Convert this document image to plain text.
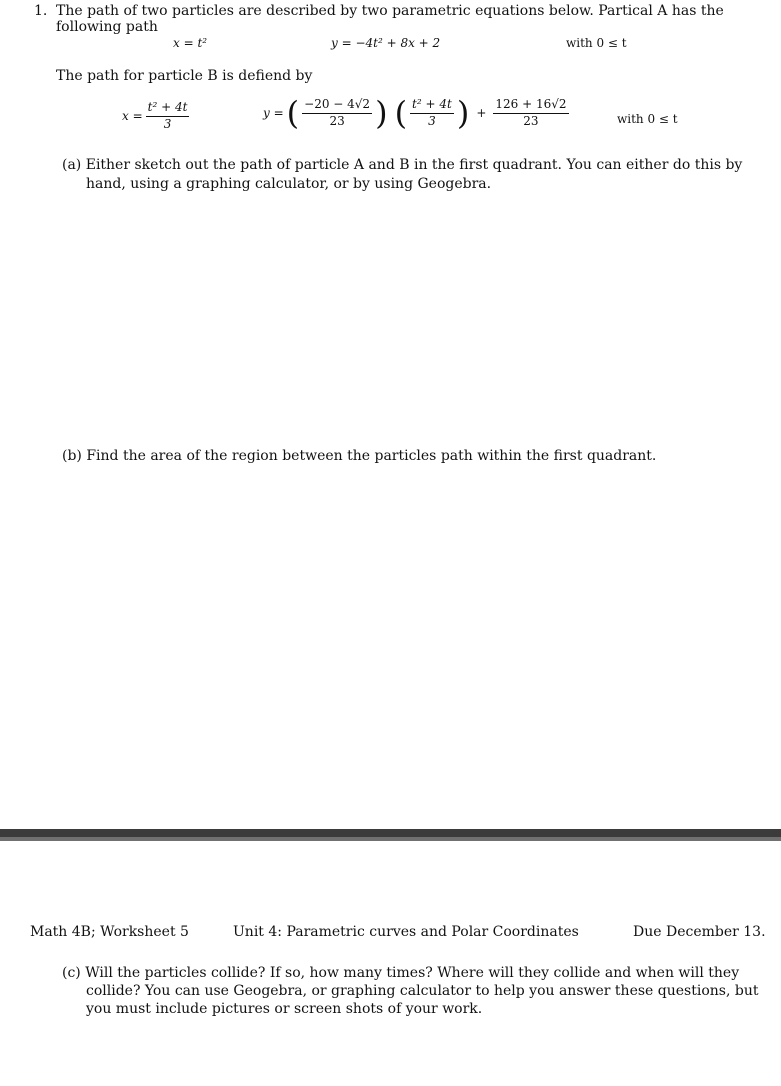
1. The path of two particles are described by two parametric equations below. Partical A has the following path
x = t²	y = −4t² + 8x + 2	with 0 ≤ t
The path for particle B is defiend by
$x = \frac{\text{t² + 4t}}{3}$	y = ( $\frac{-20 - 4√2}{23}$ ) ( $\frac{\text{t² + 4t}}{3}$ ) + $\frac{126 + 16√2}{23}$	with 0 ≤ t
(a) Either sketch out the path of particle A and B in the first quadrant. You can either do this by hand, using a graphing calculator, or by using Geogebra.
(b) Find the area of the region between the particles path within the first quadrant.
Math 4B; Worksheet 5	Unit 4: Parametric curves and Polar Coordinates	Due December 13.
(c) Will the particles collide? If so, how many times? Where will they collide and when will they collide? You can use Geogebra, or graphing calculator to help you answer these questions, but you must include pictures or screen shots of your work.
